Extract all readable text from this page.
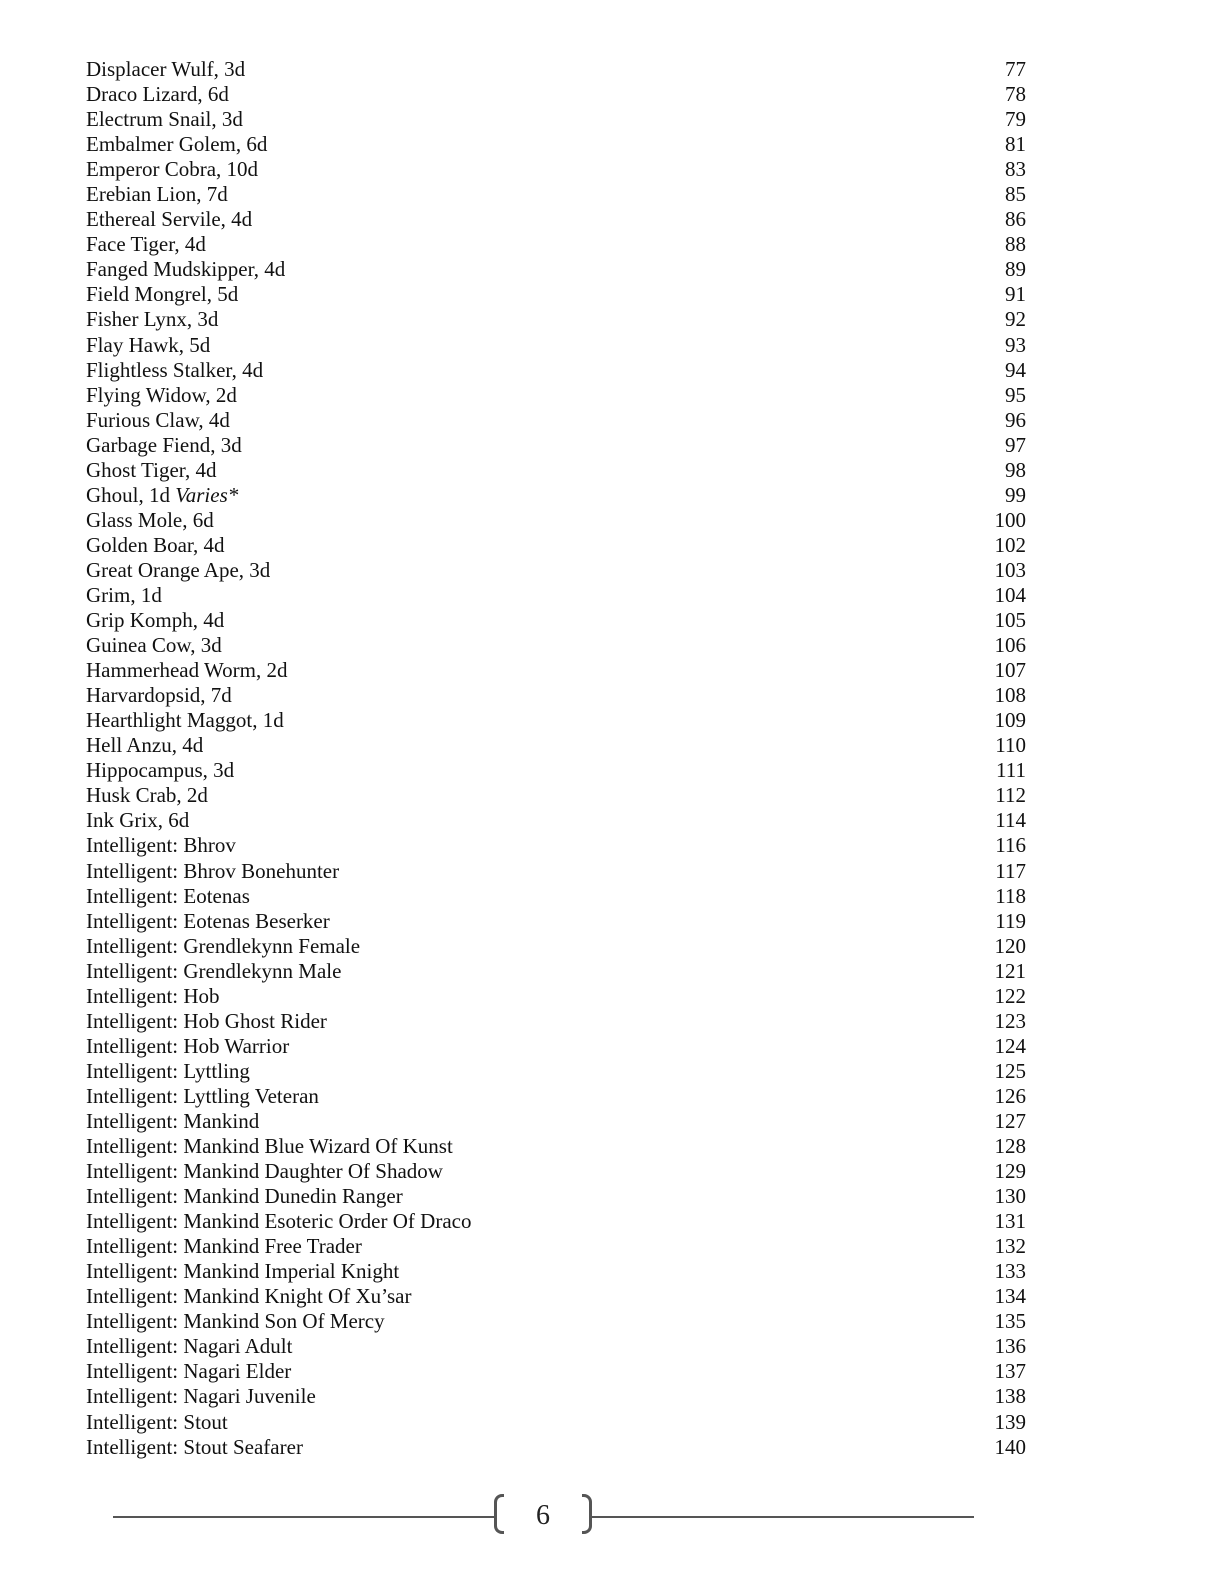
Displacer Wulf, 3d	77
Draco Lizard, 6d	78
Electrum Snail, 3d	79
Embalmer Golem, 6d	81
Emperor Cobra, 10d	83
Erebian Lion, 7d	85
Ethereal Servile, 4d	86
Face Tiger, 4d	88
Fanged Mudskipper, 4d	89
Field Mongrel, 5d	91
Fisher Lynx, 3d	92
Flay Hawk, 5d	93
Flightless Stalker, 4d	94
Flying Widow, 2d	95
Furious Claw, 4d	96
Garbage Fiend, 3d	97
Ghost Tiger, 4d	98
Ghoul, 1d Varies*	99
Glass Mole, 6d	100
Golden Boar, 4d	102
Great Orange Ape, 3d	103
Grim, 1d	104
Grip Komph, 4d	105
Guinea Cow, 3d	106
Hammerhead Worm, 2d	107
Harvardopsid, 7d	108
Hearthlight Maggot, 1d	109
Hell Anzu, 4d	110
Hippocampus, 3d	111
Husk Crab, 2d	112
Ink Grix, 6d	114
Intelligent: Bhrov	116
Intelligent: Bhrov Bonehunter	117
Intelligent: Eotenas	118
Intelligent: Eotenas Beserker	119
Intelligent: Grendlekynn Female	120
Intelligent: Grendlekynn Male	121
Intelligent: Hob	122
Intelligent: Hob Ghost Rider	123
Intelligent: Hob Warrior	124
Intelligent: Lyttling	125
Intelligent: Lyttling Veteran	126
Intelligent: Mankind	127
Intelligent: Mankind Blue Wizard Of Kunst	128
Intelligent: Mankind Daughter Of Shadow	129
Intelligent: Mankind Dunedin Ranger	130
Intelligent: Mankind Esoteric Order Of Draco	131
Intelligent: Mankind Free Trader	132
Intelligent: Mankind Imperial Knight	133
Intelligent: Mankind Knight Of Xu’sar	134
Intelligent: Mankind Son Of Mercy	135
Intelligent: Nagari Adult	136
Intelligent: Nagari Elder	137
Intelligent: Nagari Juvenile	138
Intelligent: Stout	139
Intelligent: Stout Seafarer	140
6
